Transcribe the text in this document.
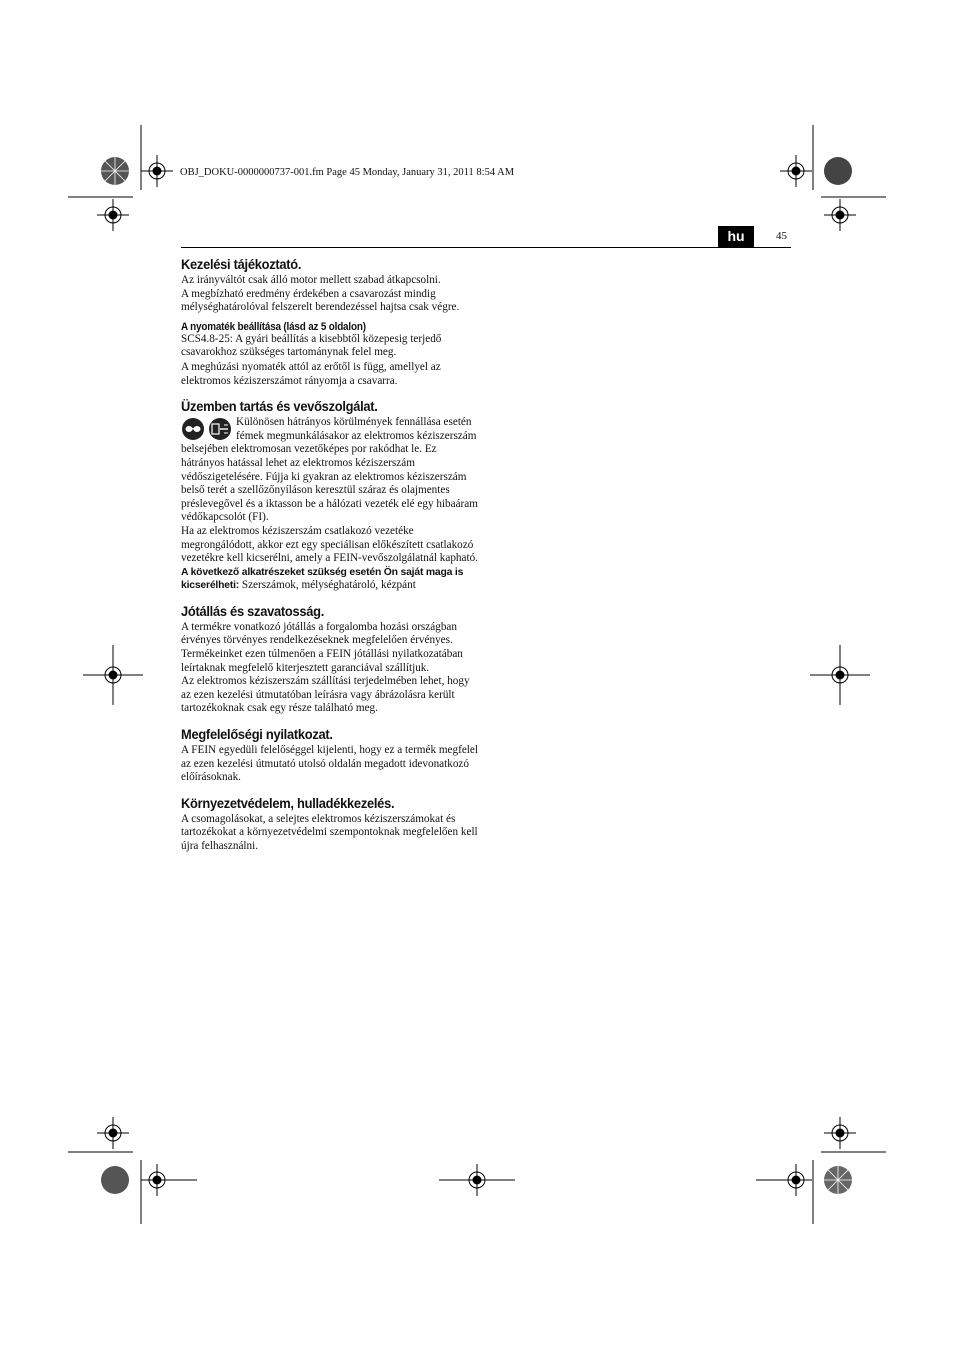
OBJ_DOKU-0000000737-001.fm Page 45 Monday, January 31, 2011 8:54 AM
hu	45
Kezelési tájékoztató.

Az irányváltót csak álló motor mellett szabad átkapcsolni.

A megbízható eredmény érdekében a csavarozást mindig mélységhatárolóval felszerelt berendezéssel hajtsa csak végre.

A nyomaték beállítása (lásd az 5 oldalon)

SCS4.8-25: A gyári beállítás a kisebbtől közepesig terjedő csavarokhoz szükséges tartománynak felel meg.

A meghúzási nyomaték attól az erőtől is függ, amellyel az elektromos kéziszerszámot rányomja a csavarra.

Üzemben tartás és vevőszolgálat.

Különösen hátrányos körülmények fennállása esetén fémek megmunkálásakor az elektromos kéziszerszám belsejében elektromosan vezetőképes por rakódhat le. Ez hátrányos hatással lehet az elektromos kéziszerszám védőszigetelésére. Fújja ki gyakran az elektromos kéziszerszám belső terét a szellőzőnyíláson keresztül száraz és olajmentes préslevegővel és a iktasson be a hálózati vezeték elé egy hibaáram védőkapcsolót (FI).

Ha az elektromos kéziszerszám csatlakozó vezetéke megrongálódott, akkor ezt egy speciálisan előkészített csatlakozó vezetékre kell kicserélni, amely a FEIN-vevőszolgálatnál kapható.

A következő alkatrészeket szükség esetén Ön saját maga is kicserélheti: Szerszámok, mélységhatároló, kézpánt

Jótállás és szavatosság.

A termékre vonatkozó jótállás a forgalomba hozási országban érvényes törvényes rendelkezéseknek megfelelően érvényes. Termékeinket ezen túlmenően a FEIN jótállási nyilatkozatában leírtaknak megfelelő kiterjesztett garanciával szállítjuk.

Az elektromos kéziszerszám szállítási terjedelmében lehet, hogy az ezen kezelési útmutatóban leírásra vagy ábrázolásra került tartozékoknak csak egy része található meg.

Megfelelőségi nyilatkozat.

A FEIN egyedüli felelőséggel kijelenti, hogy ez a termék megfelel az ezen kezelési útmutató utolsó oldalán megadott idevonatkozó előírásoknak.

Környezetvédelem, hulladékkezelés.

A csomagolásokat, a selejtes elektromos kéziszerszámokat és tartozékokat a környezetvédelmi szempontoknak megfelelően kell újra felhasználni.
